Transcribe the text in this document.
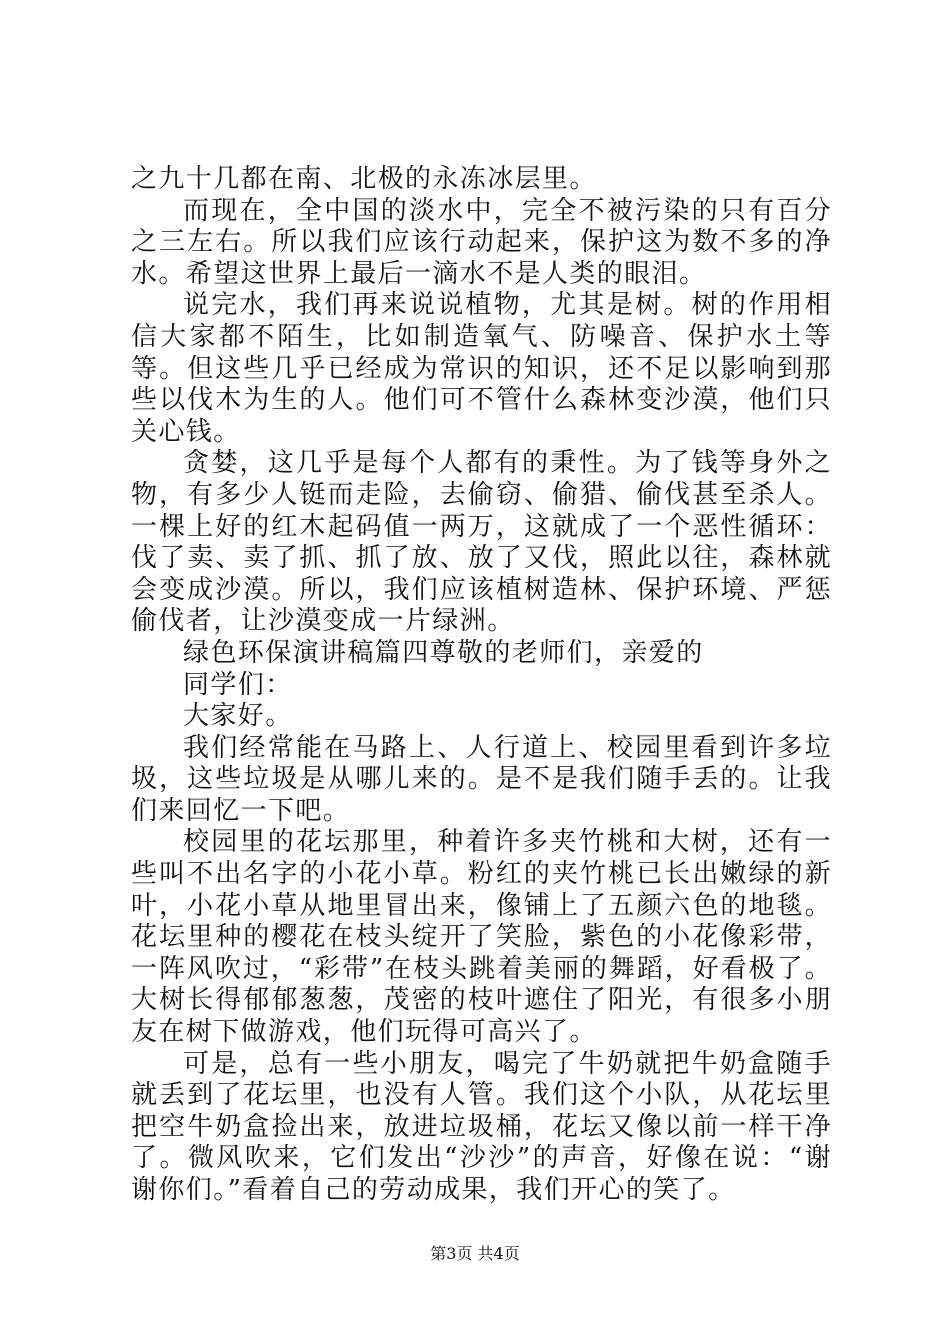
之九十几都在南、北极的永冻冰层里。

而现在，全中国的淡水中，完全不被污染的只有百分之三左右。所以我们应该行动起来，保护这为数不多的净水。希望这世界上最后一滴水不是人类的眼泪。

说完水，我们再来说说植物，尤其是树。树的作用相信大家都不陌生，比如制造氧气、防噪音、保护水土等等。但这些几乎已经成为常识的知识，还不足以影响到那些以伐木为生的人。他们可不管什么森林变沙漠，他们只关心钱。

贪婪，这几乎是每个人都有的秉性。为了钱等身外之物，有多少人铤而走险，去偷窃、偷猎、偷伐甚至杀人。一棵上好的红木起码值一两万，这就成了一个恶性循环：伐了卖、卖了抓、抓了放、放了又伐，照此以往，森林就会变成沙漠。所以，我们应该植树造林、保护环境、严惩偷伐者，让沙漠变成一片绿洲。

绿色环保演讲稿篇四尊敬的老师们，亲爱的

同学们：

大家好。

我们经常能在马路上、人行道上、校园里看到许多垃圾，这些垃圾是从哪儿来的。是不是我们随手丢的。让我们来回忆一下吧。

校园里的花坛那里，种着许多夹竹桃和大树，还有一些叫不出名字的小花小草。粉红的夹竹桃已长出嫩绿的新叶，小花小草从地里冒出来，像铺上了五颜六色的地毯。花坛里种的樱花在枝头绽开了笑脸，紫色的小花像彩带，一阵风吹过，“彩带”在枝头跳着美丽的舞蹈，好看极了。大树长得郁郁葱葱，茂密的枝叶遮住了阳光，有很多小朋友在树下做游戏，他们玩得可高兴了。

可是，总有一些小朋友，喝完了牛奶就把牛奶盒随手就丢到了花坛里，也没有人管。我们这个小队，从花坛里把空牛奶盒捡出来，放进垃圾桶，花坛又像以前一样干净了。微风吹来，它们发出“沙沙”的声音，好像在说：“谢谢你们。”看着自己的劳动成果，我们开心的笑了。

第3页 共4页
